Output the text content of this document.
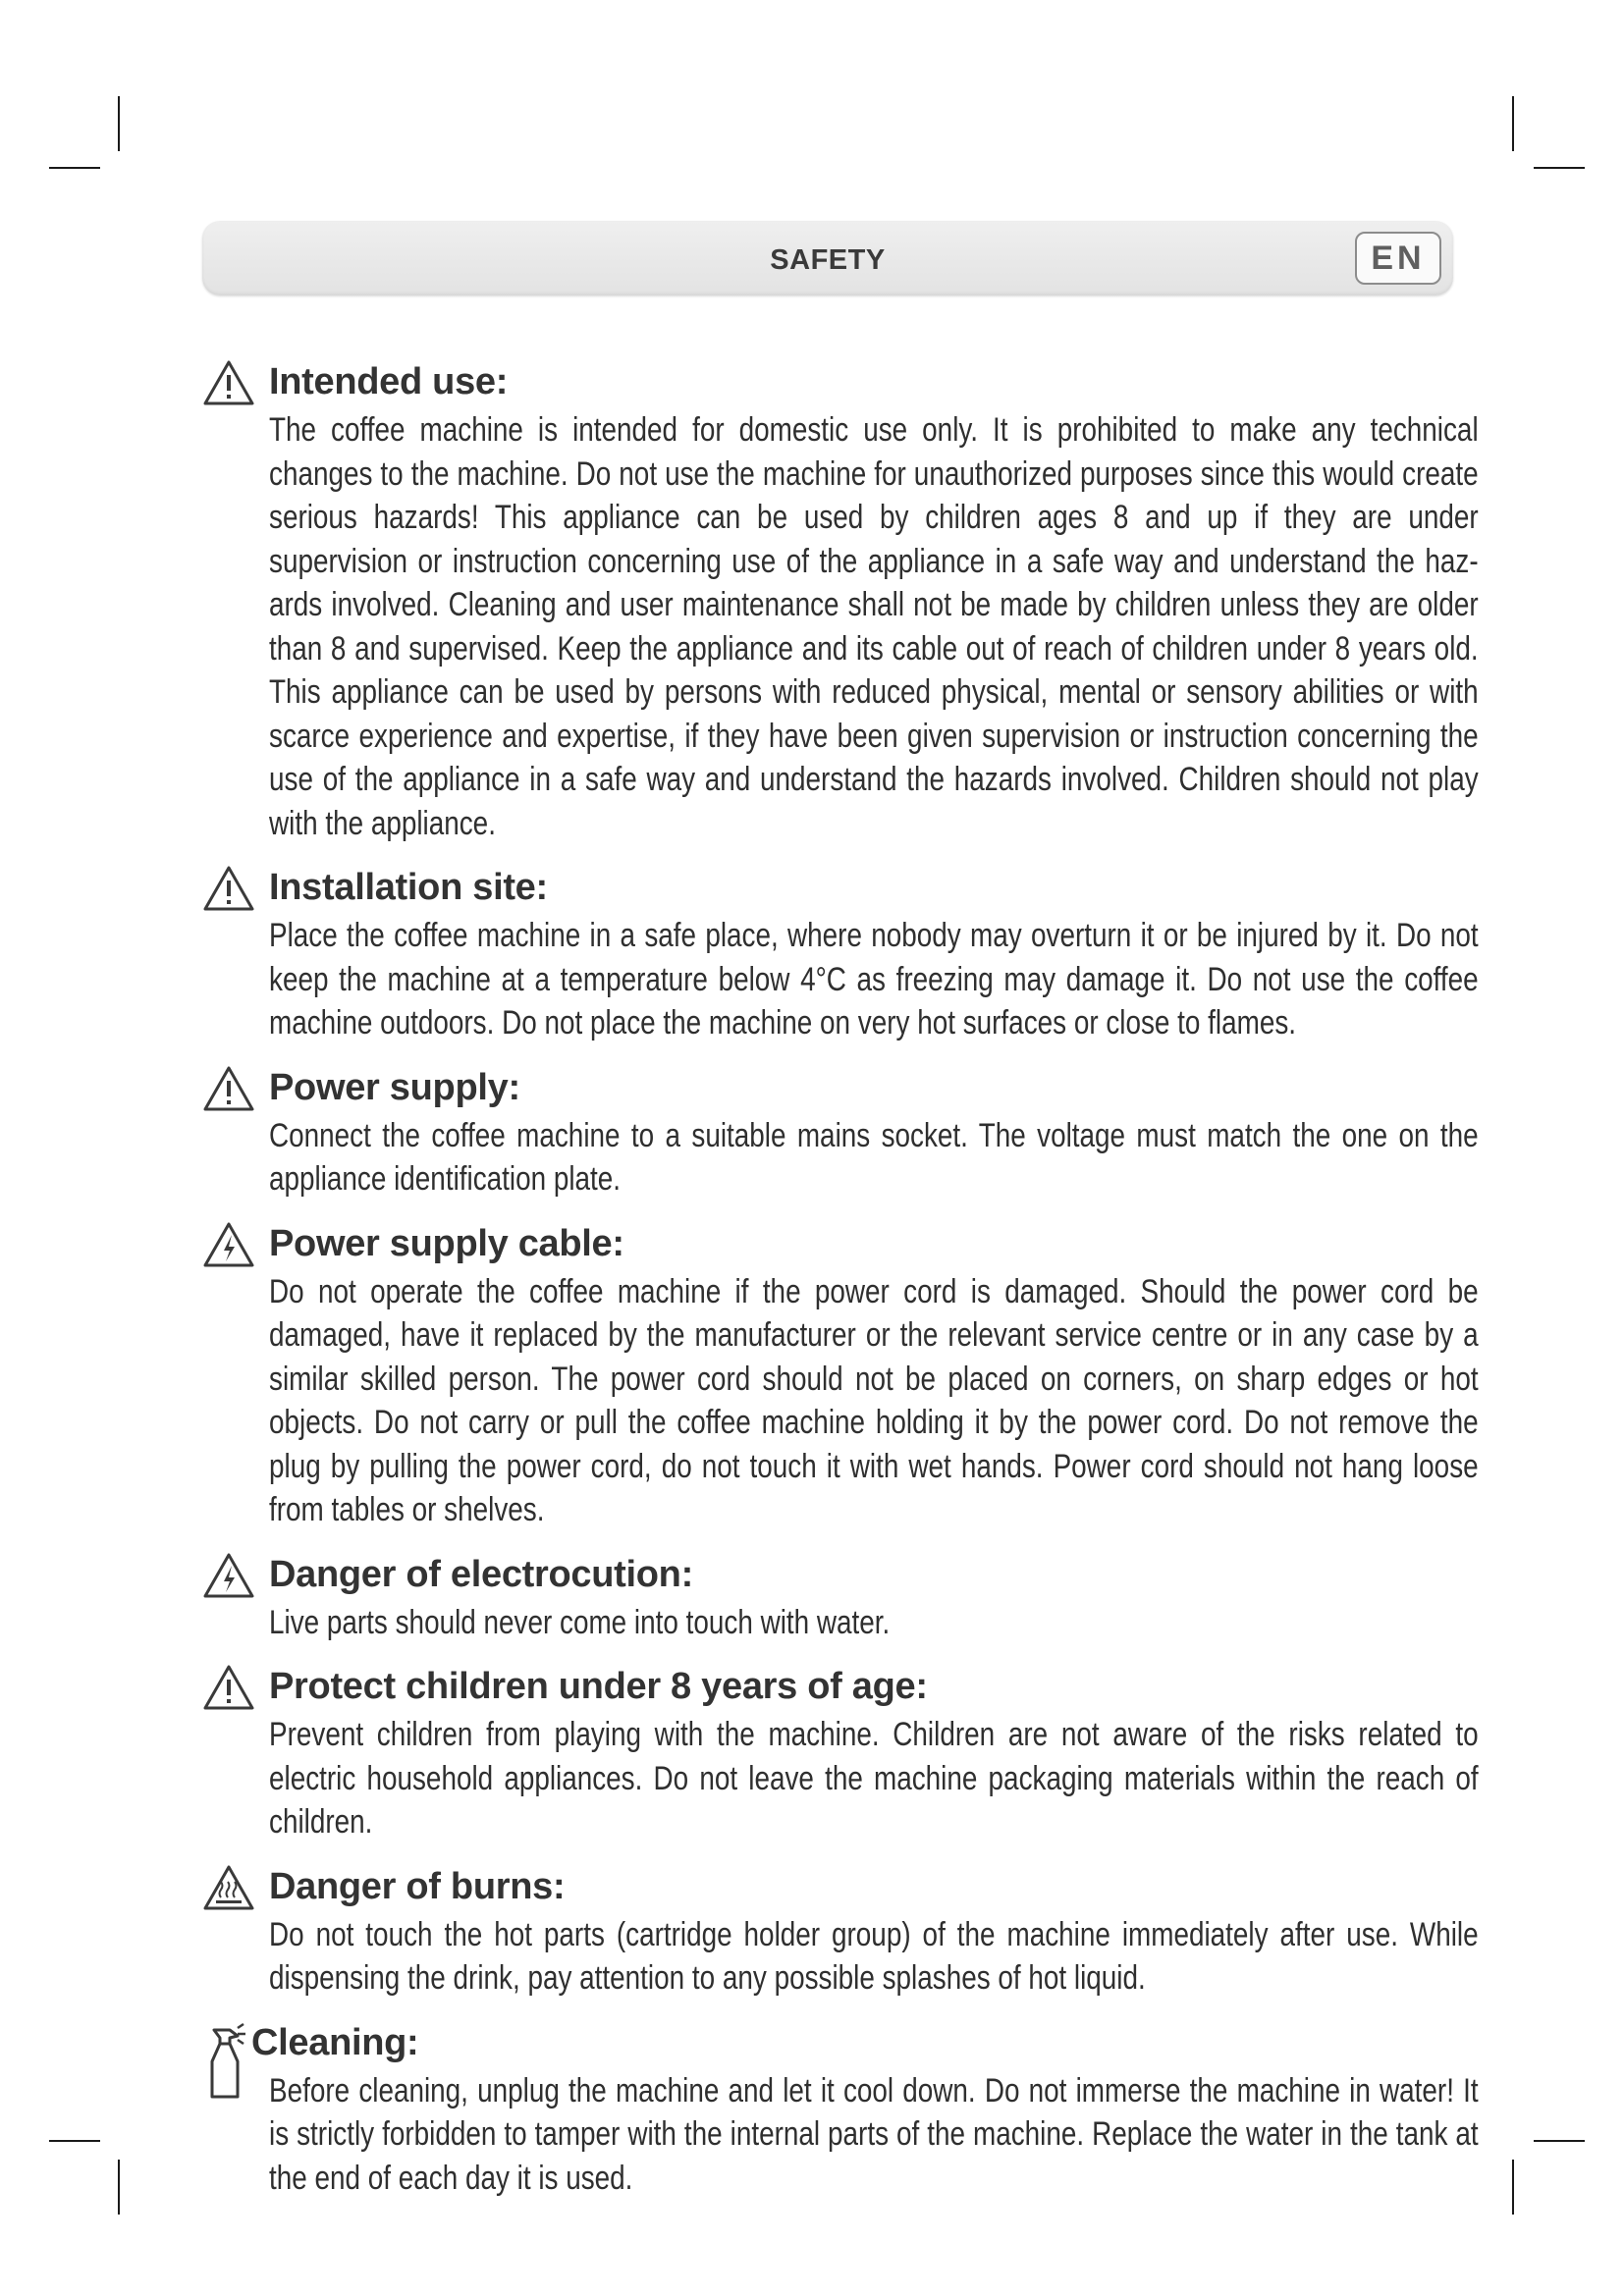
SAFETY	EN
Intended use:

The coffee machine is intended for domestic use only. It is prohibited to make any technical changes to the machine. Do not use the machine for unauthorized purposes since this would create serious hazards! This appliance can be used by children ages 8 and up if they are under supervision or instruction concerning use of the appliance in a safe way and understand the haz-ards involved. Cleaning and user maintenance shall not be made by children unless they are older than 8 and supervised. Keep the appliance and its cable out of reach of children under 8 years old. This appliance can be used by persons with reduced physical, mental or sensory abilities or with scarce experience and expertise, if they have been given supervision or instruction concerning the use of the appliance in a safe way and understand the hazards involved. Children should not play with the appliance.

Installation site:

Place the coffee machine in a safe place, where nobody may overturn it or be injured by it. Do not keep the machine at a temperature below 4°C as freezing may damage it. Do not use the coffee machine outdoors. Do not place the machine on very hot surfaces or close to flames.

Power supply:

Connect the coffee machine to a suitable mains socket. The voltage must match the one on the appliance identification plate.

Power supply cable:

Do not operate the coffee machine if the power cord is damaged. Should the power cord be damaged, have it replaced by the manufacturer or the relevant service centre or in any case by a similar skilled person. The power cord should not be placed on corners, on sharp edges or hot objects. Do not carry or pull the coffee machine holding it by the power cord. Do not remove the plug by pulling the power cord, do not touch it with wet hands. Power cord should not hang loose from tables or shelves.

Danger of electrocution:

Live parts should never come into touch with water.

Protect children under 8 years of age:

Prevent children from playing with the machine. Children are not aware of the risks related to electric household appliances. Do not leave the machine packaging materials within the reach of children.

Danger of burns:

Do not touch the hot parts (cartridge holder group) of the machine immediately after use. While dispensing the drink, pay attention to any possible splashes of hot liquid.

Cleaning:

Before cleaning, unplug the machine and let it cool down. Do not immerse the machine in water! It is strictly forbidden to tamper with the internal parts of the machine. Replace the water in the tank at the end of each day it is used.
